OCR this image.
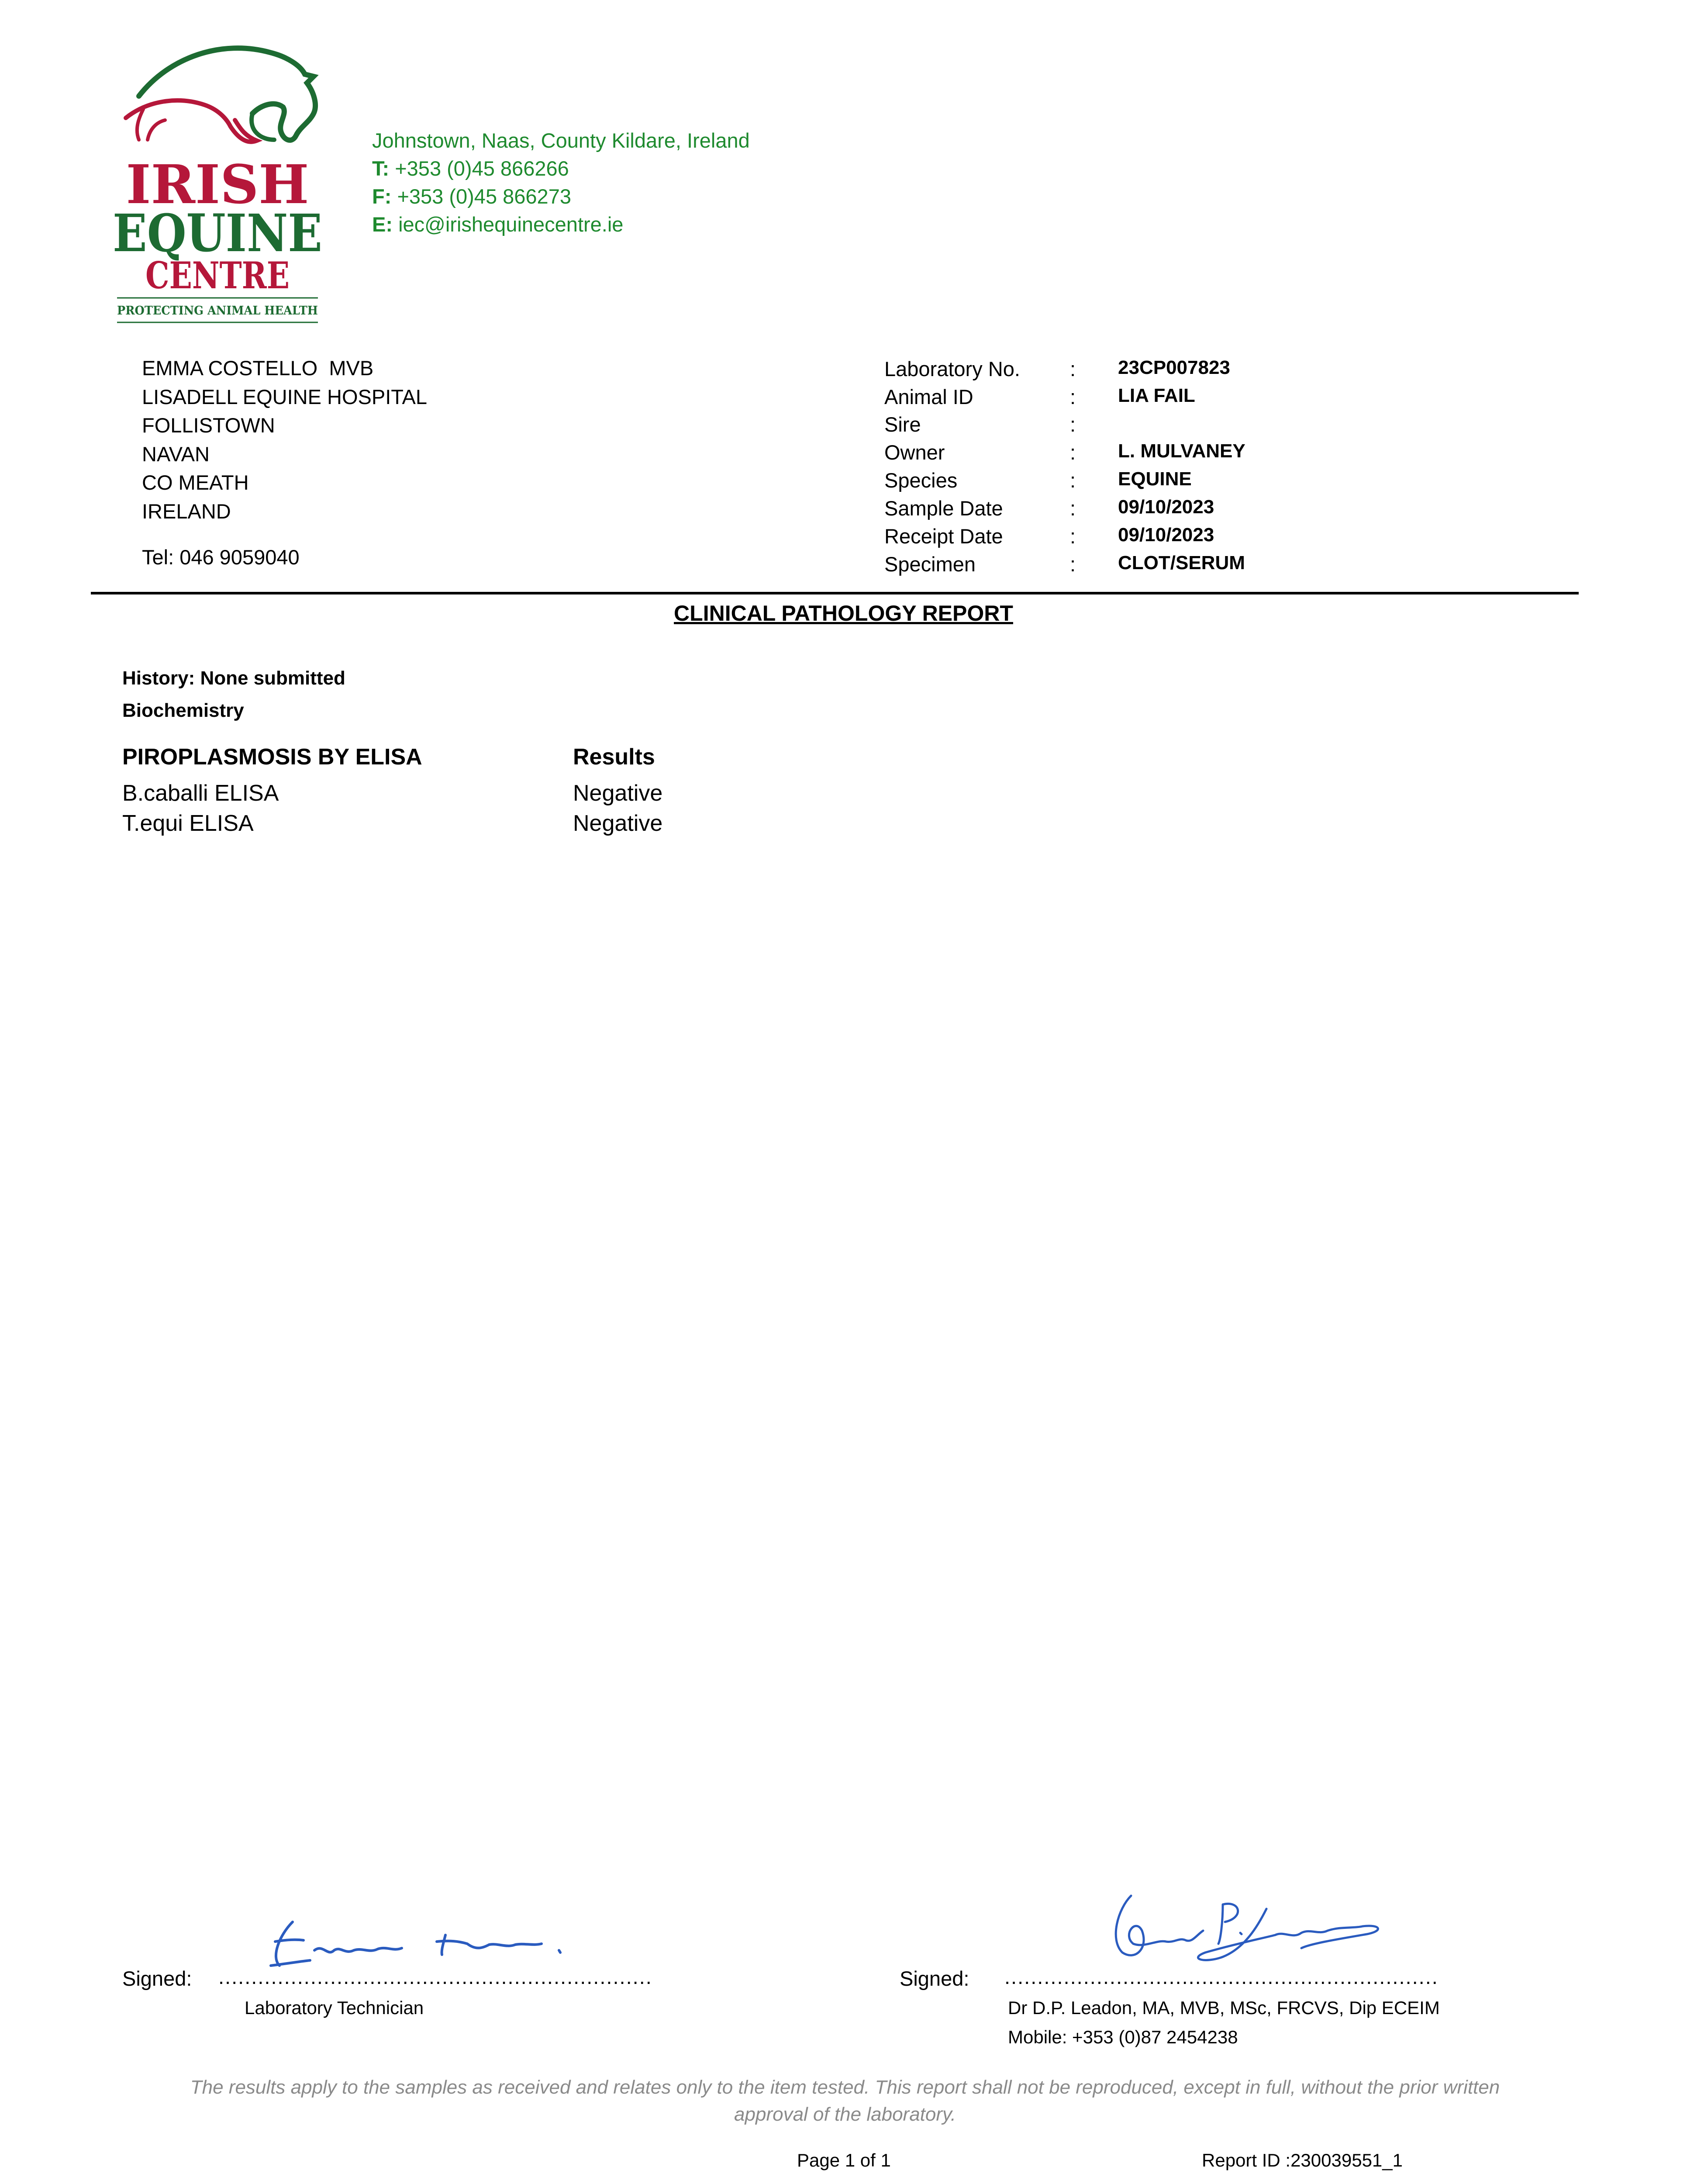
IRISH
EQUINE
CENTRE
PROTECTING ANIMAL HEALTH
Johnstown, Naas, County Kildare, Ireland
T: +353 (0)45 866266
F: +353 (0)45 866273
E: iec@irishequinecentre.ie
EMMA COSTELLO  MVB
LISADELL EQUINE HOSPITAL
FOLLISTOWN
NAVAN
CO MEATH
IRELAND
Tel: 046 9059040
Laboratory No. : 23CP007823
Animal ID	: LIA FAIL
Sire	:
Owner	: L. MULVANEY
Species	: EQUINE
Sample Date	: 09/10/2023
Receipt Date	: 09/10/2023
Specimen	: CLOT/SERUM
CLINICAL PATHOLOGY REPORT
History: None submitted
Biochemistry
PIROPLASMOSIS BY ELISA	Results
B.caballi ELISA	Negative
T.equi ELISA	Negative
Signed: ..................................................................
Laboratory Technician
Signed: ..................................................................
Dr D.P. Leadon, MA, MVB, MSc, FRCVS, Dip ECEIM
Mobile: +353 (0)87 2454238
The results apply to the samples as received and relates only to the item tested. This report shall not be reproduced, except in full, without the prior written approval of the laboratory.
Page 1 of 1	Report ID :230039551_1
